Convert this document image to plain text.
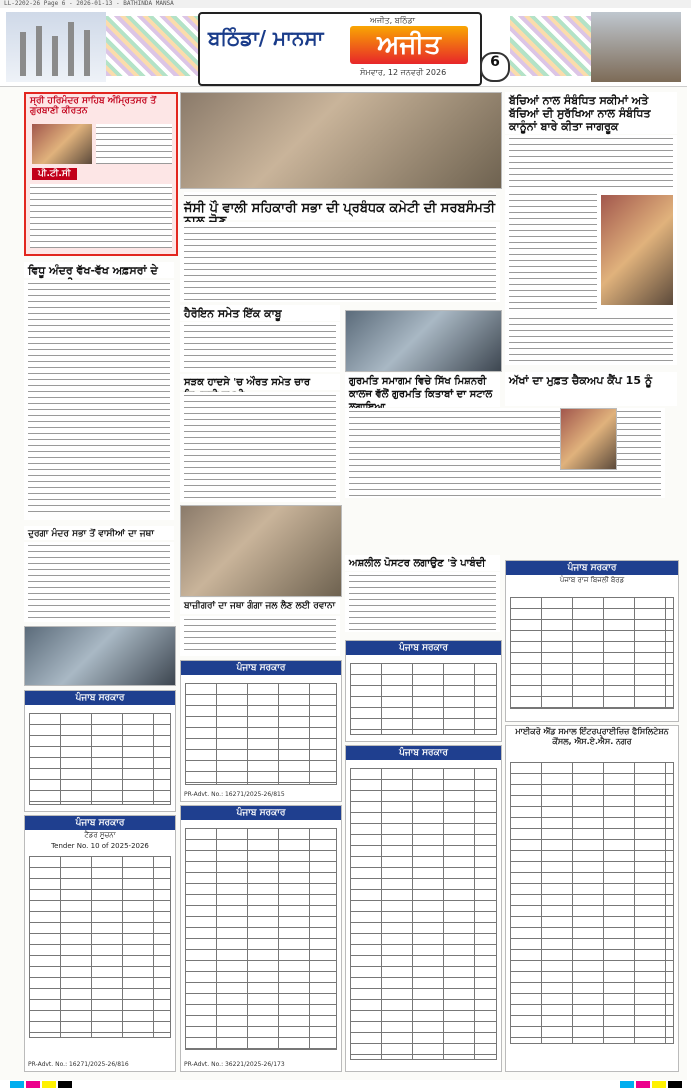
LL-2202-26 Page 6 - 2026-01-13 - BATHINDA MANSA
ਬਠਿੰਡਾ/ ਮਾਨਸਾ
ਅਜੀਤ, ਬਠਿੰਡਾ
ਅਜੀਤ
ਸੋਮਵਾਰ, 12 ਜਨਵਰੀ 2026
6
ਸ੍ਰੀ ਹਰਿਮੰਦਰ ਸਾਹਿਬ ਅੰਮ੍ਰਿਤਸਰ ਤੋਂ ਗੁਰਬਾਣੀ ਕੀਰਤਨ
ਪੀ.ਟੀ.ਸੀ
ਜੱਸੀ ਪੌ ਵਾਲੀ ਸਹਿਕਾਰੀ ਸਭਾ ਦੀ ਪ੍ਰਬੰਧਕ ਕਮੇਟੀ ਦੀ ਸਰਬਸੰਮਤੀ
ਬੱਚਿਆਂ ਨਾਲ ਸੰਬੰਧਿਤ ਸਕੀਮਾਂ ਅਤੇ ਬੱਚਿਆਂ ਦੀ ਸੁਰੱਖਿਆ ਨਾਲ ਸੰਬੰਧਿਤ ਕਾਨੂੰਨਾਂ ਬਾਰੇ ਕੀਤਾ ਜਾਗਰੂਕ
ਵਿਧੂ ਅੰਦਰ ਵੱਖ-ਵੱਖ ਅਫ਼ਸਰਾਂ ਦੇ
ਦੁਰਗਾ ਮੰਦਰ ਸਭਾ ਤੋਂ ਵਾਸੀਆਂ ਦਾ ਜਥਾ
ਹੈਰੋਇਨ ਸਮੇਤ ਇੱਕ ਕਾਬੂ
ਸੜਕ ਹਾਦਸੇ 'ਚ ਔਰਤ ਸਮੇਤ ਚਾਰ	ਗੁਰਮਤਿ ਸਮਾਗਮ ਵਿਚੇ ਸਿੱਖ ਮਿਸ਼ਨਰੀ ਕਾਲਜ ਵੱਲੋਂ ਗੁਰਮਤਿ ਕਿਤਾਬਾਂ ਦਾ ਸਟਾਲ
ਅੱਖਾਂ ਦਾ ਮੁਫ਼ਤ ਚੈਕਅਪ ਕੈਂਪ 15 ਨੂੰ
ਬਾਜ਼ੀਗਰਾਂ ਦਾ ਜਥਾ ਗੰਗਾ ਜਲ ਲੈਣ ਲਈ ਰਵਾਨਾ
ਅਸ਼ਲੀਲ ਪੋਸਟਰ ਲਗਾਉਣ 'ਤੇ ਪਾਬੰਦੀ
ਪੰਜਾਬ ਸਰਕਾਰ
ਪੰਜਾਬ ਸਰਕਾਰ
ਟੈਂਡਰ ਸੂਚਨਾ
Tender No. 10 of 2025-2026
PR-Advt. No.: 16271/2025-26/816
ਪੰਜਾਬ ਸਰਕਾਰ
PR-Advt. No.: 16271/2025-26/815
ਪੰਜਾਬ ਸਰਕਾਰ
PR-Advt. No.: 36221/2025-26/173
ਪੰਜਾਬ ਸਰਕਾਰ
ਪੰਜਾਬ ਸਰਕਾਰ
ਪੰਜਾਬ ਸਰਕਾਰ
ਪੰਜਾਬ ਰਾਜ ਬਿਜਲੀ ਬੋਰਡ
ਮਾਈਕਰੋ ਐਂਡ ਸਮਾਲ ਇੰਟਰਪ੍ਰਾਈਜ਼ਿਜ਼ ਫੈਸਿਲਿਟੇਸ਼ਨ ਕੌਂਸਲ, ਐਸ.ਏ.ਐਸ. ਨਗਰ
